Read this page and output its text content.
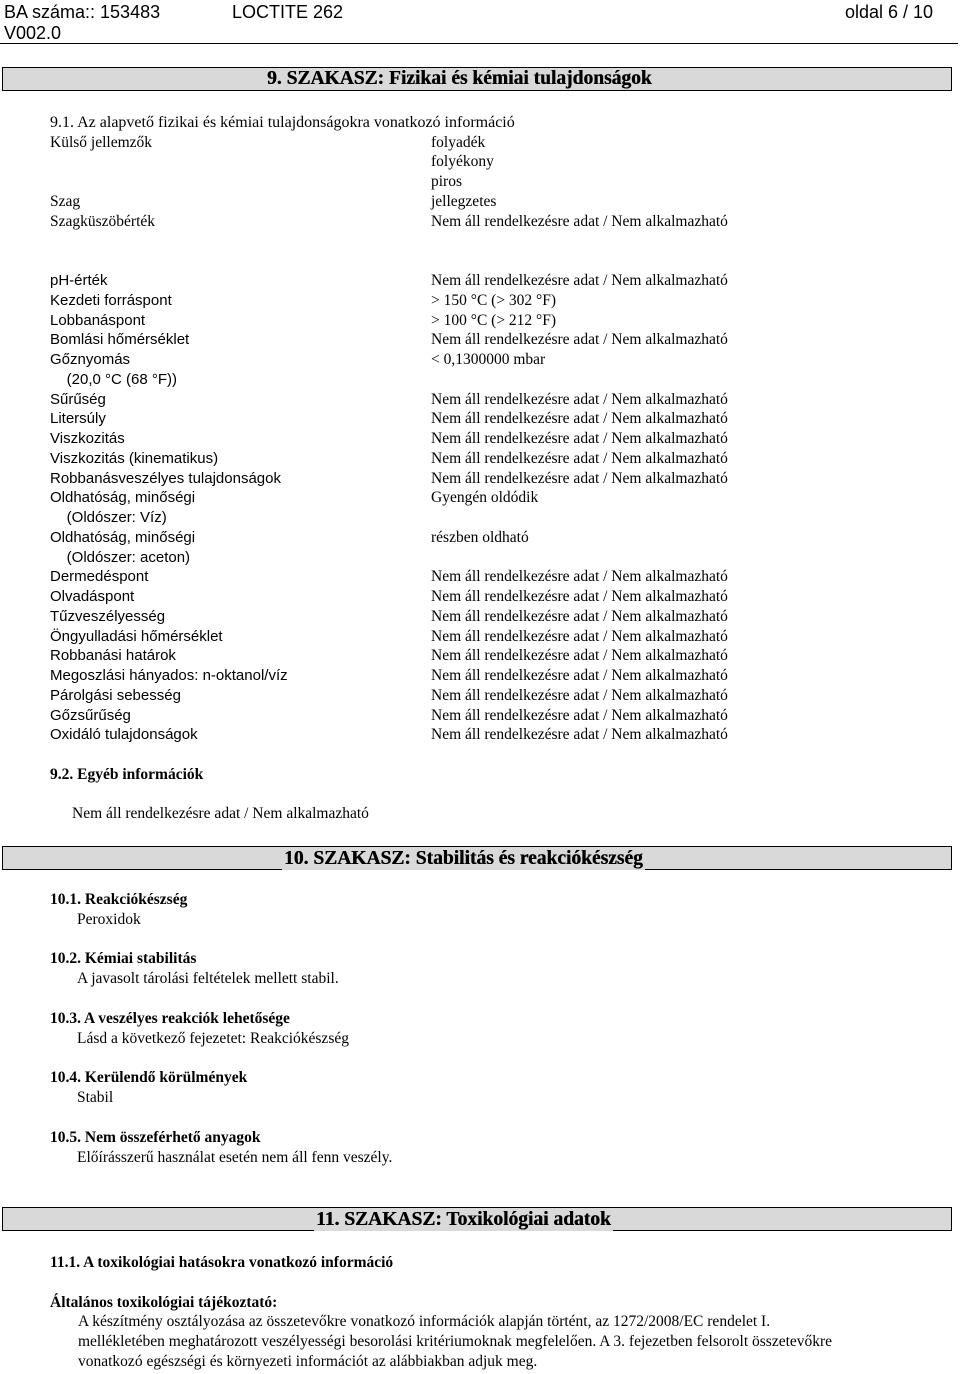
BA száma:: 153483	LOCTITE 262	oldal 6 / 10
V002.0
9. SZAKASZ: Fizikai és kémiai tulajdonságok
9.1. Az alapvető fizikai és kémiai tulajdonságokra vonatkozó információ
Külső jellemzők	folyadék
folyékony
piros
Szag	jellegzetes
Szagküszöbérték	Nem áll rendelkezésre adat / Nem alkalmazható
pH-érték	Nem áll rendelkezésre adat / Nem alkalmazható
Kezdeti forráspont	> 150 °C (> 302 °F)
Lobbanáspont	> 100 °C (> 212 °F)
Bomlási hőmérséklet	Nem áll rendelkezésre adat / Nem alkalmazható
Gőznyomás	< 0,1300000 mbar
(20,0 °C (68 °F))
Sűrűség	Nem áll rendelkezésre adat / Nem alkalmazható
Litersúly	Nem áll rendelkezésre adat / Nem alkalmazható
Viszkozitás	Nem áll rendelkezésre adat / Nem alkalmazható
Viszkozitás (kinematikus)	Nem áll rendelkezésre adat / Nem alkalmazható
Robbanásveszélyes tulajdonságok	Nem áll rendelkezésre adat / Nem alkalmazható
Oldhatóság, minőségi	Gyengén oldódik
(Oldószer: Víz)
Oldhatóság, minőségi	részben oldható
(Oldószer: aceton)
Dermedéspont	Nem áll rendelkezésre adat / Nem alkalmazható
Olvadáspont	Nem áll rendelkezésre adat / Nem alkalmazható
Tűzveszélyesség	Nem áll rendelkezésre adat / Nem alkalmazható
Öngyulladási hőmérséklet	Nem áll rendelkezésre adat / Nem alkalmazható
Robbanási határok	Nem áll rendelkezésre adat / Nem alkalmazható
Megoszlási hányados: n-oktanol/víz	Nem áll rendelkezésre adat / Nem alkalmazható
Párolgási sebesség	Nem áll rendelkezésre adat / Nem alkalmazható
Gőzsűrűség	Nem áll rendelkezésre adat / Nem alkalmazható
Oxidáló tulajdonságok	Nem áll rendelkezésre adat / Nem alkalmazható
9.2. Egyéb információk
Nem áll rendelkezésre adat / Nem alkalmazható
10. SZAKASZ: Stabilitás és reakciókészség
10.1. Reakciókészség
Peroxidok
10.2. Kémiai stabilitás
A javasolt tárolási feltételek mellett stabil.
10.3. A veszélyes reakciók lehetősége
Lásd a következő fejezetet: Reakciókészség
10.4. Kerülendő körülmények
Stabil
10.5. Nem összeférhető anyagok
Előírásszerű használat esetén nem áll fenn veszély.
11. SZAKASZ: Toxikológiai adatok
11.1. A toxikológiai hatásokra vonatkozó információ
Általános toxikológiai tájékoztató:
A készítmény osztályozása az összetevőkre vonatkozó információk alapján történt, az 1272/2008/EC rendelet I.
mellékletében meghatározott veszélyességi besorolási kritériumoknak megfelelően. A 3. fejezetben felsorolt összetevőkre
vonatkozó egészségi és környezeti információt az alábbiakban adjuk meg.
